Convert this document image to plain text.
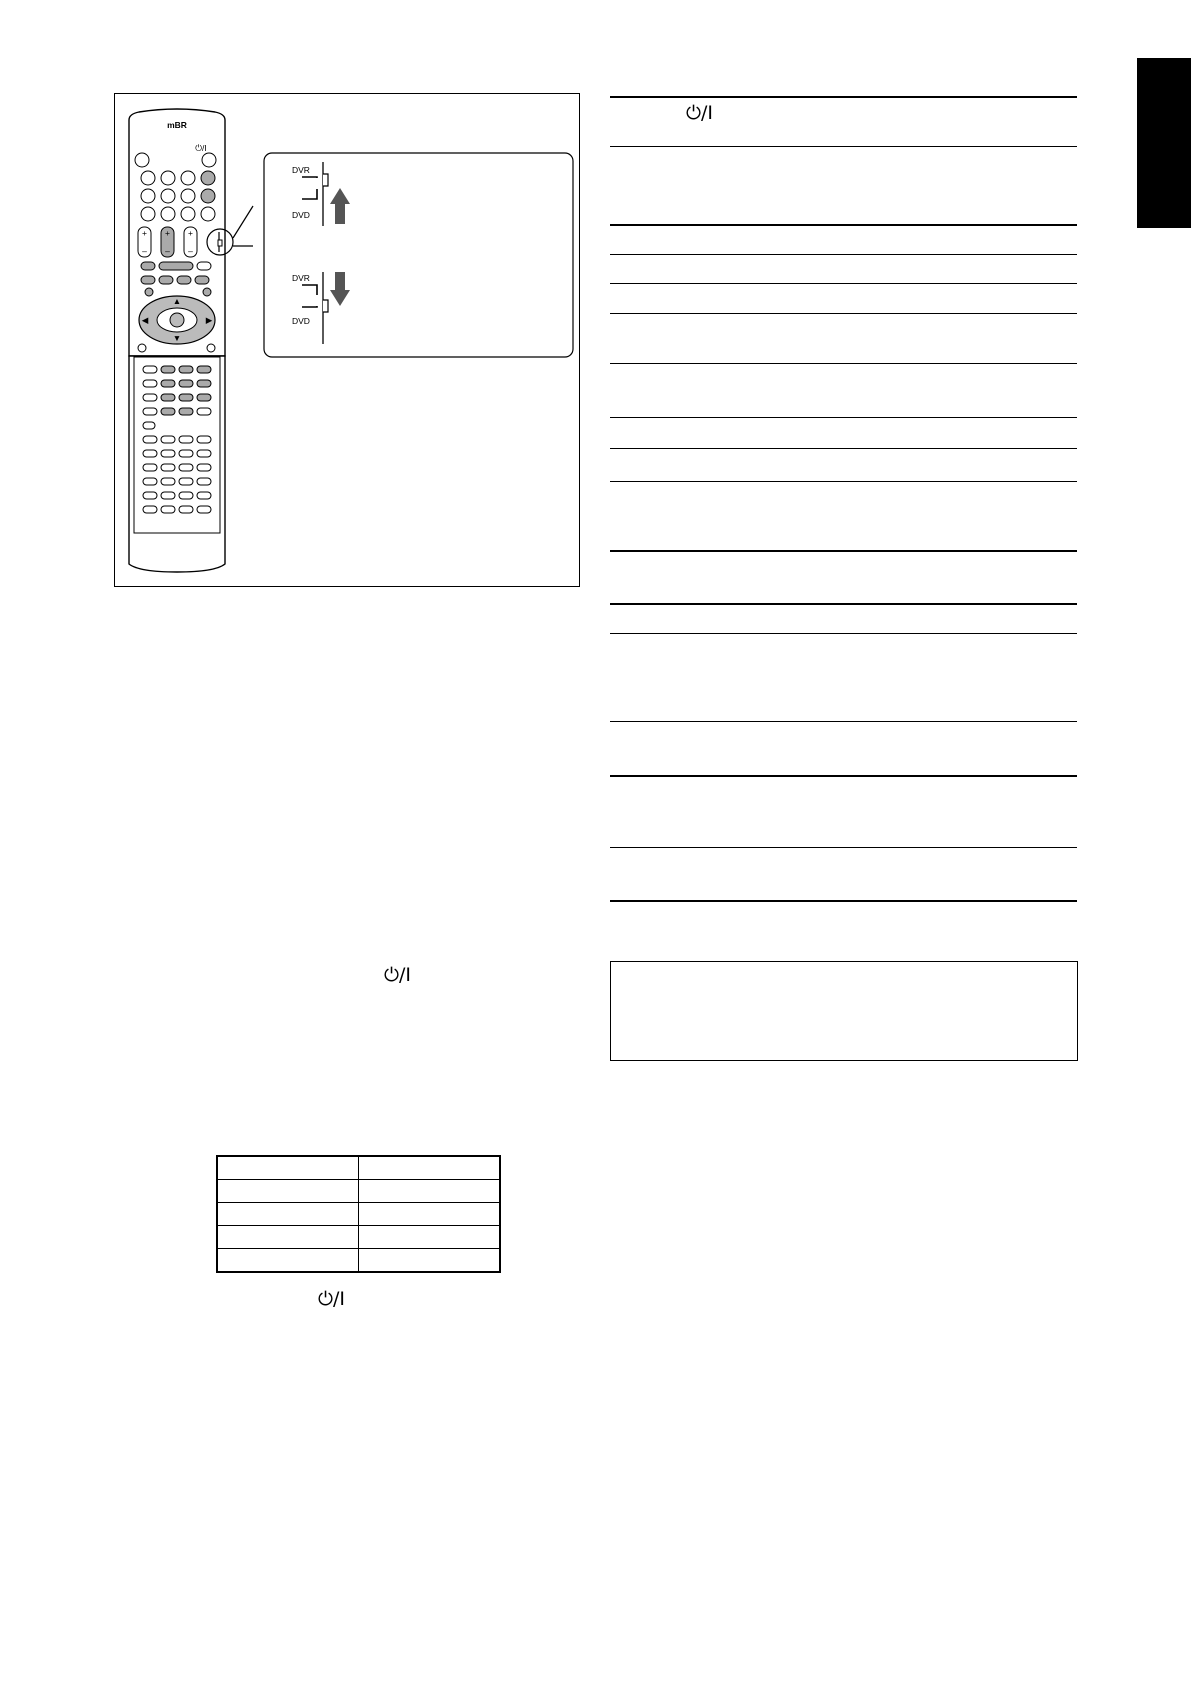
mBR
⏻/I
+
–
+
–
+
–
▲
▼
◀	▶
DVR
DVD
DVR
DVD
⏻/I
⏻/I
⏻/I
